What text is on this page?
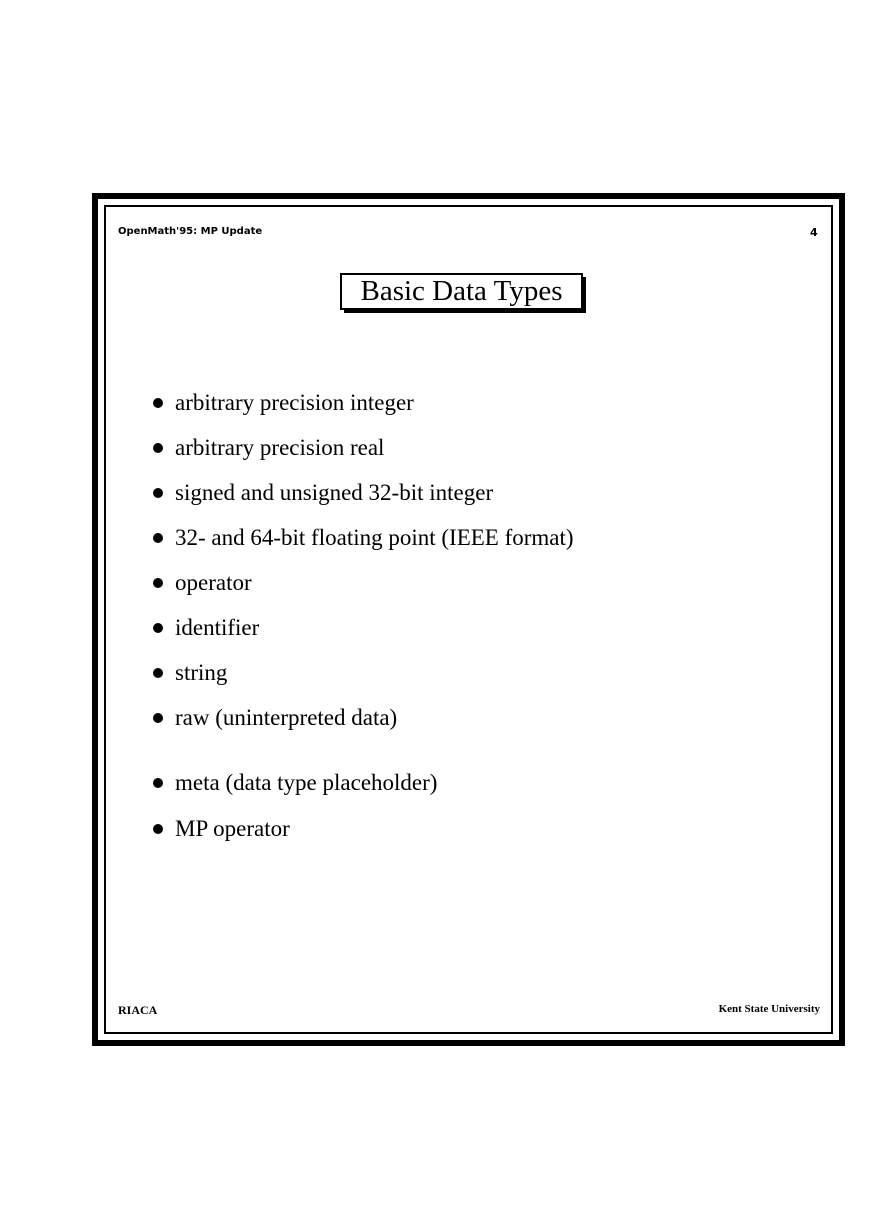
OpenMath'95: MP Update	4
Basic Data Types
arbitrary precision integer
arbitrary precision real
signed and unsigned 32-bit integer
32- and 64-bit floating point (IEEE format)
operator
identifier
string
raw (uninterpreted data)
meta (data type placeholder)
MP operator
RIACA	Kent State University
